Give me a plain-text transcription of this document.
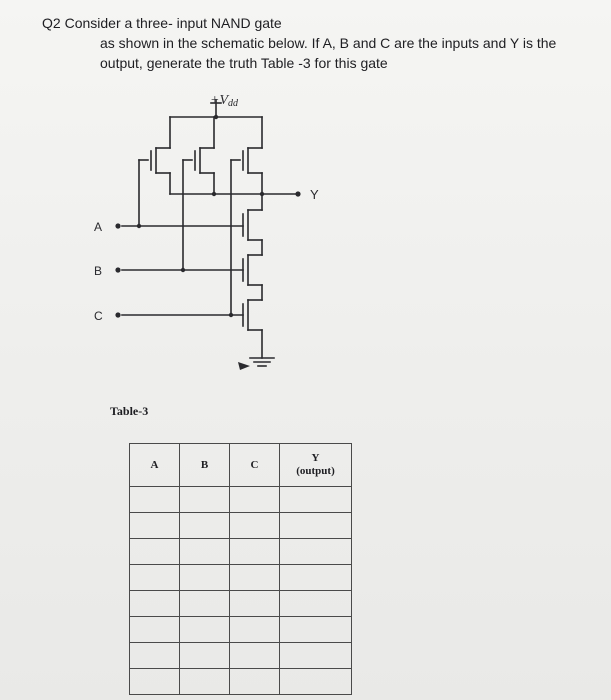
Q2 Consider a three- input NAND gate
as shown in the schematic below. If A, B and C are the inputs and Y is the
output, generate the truth Table -3 for this gate
+Vdd
Y
A
B
C
Table-3
A	B	C	Y
(output)
